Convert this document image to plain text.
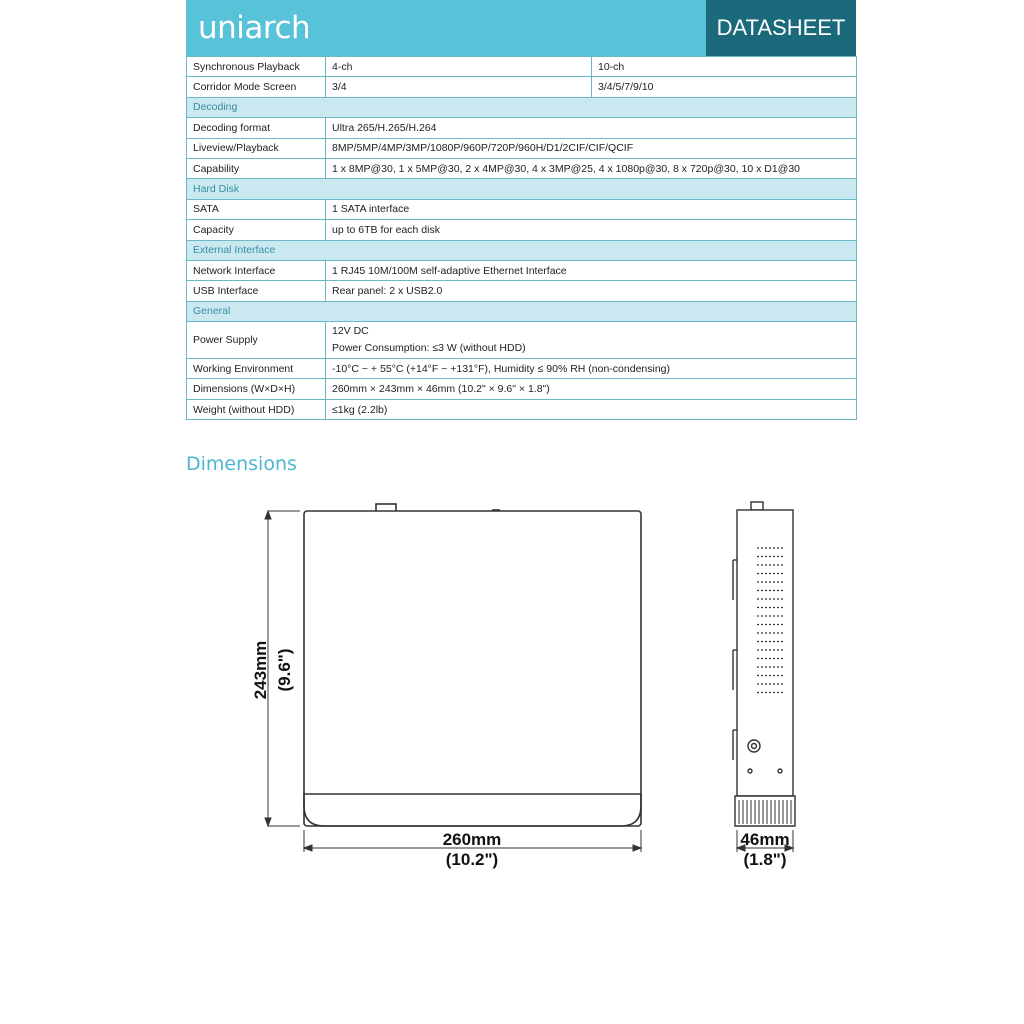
uniarch	DATASHEET
Synchronous Playback	4-ch	10-ch
Corridor Mode Screen	3/4	3/4/5/7/9/10
Decoding		
Decoding format	Ultra 265/H.265/H.264	
Liveview/Playback	8MP/5MP/4MP/3MP/1080P/960P/720P/960H/D1/2CIF/CIF/QCIF	
Capability	1 x 8MP@30, 1 x 5MP@30, 2 x 4MP@30, 4 x 3MP@25, 4 x 1080p@30, 8 x 720p@30, 10 x D1@30	
Hard Disk		
SATA	1 SATA interface	
Capacity	up to 6TB for each disk	
External Interface		
Network Interface	1 RJ45 10M/100M self-adaptive Ethernet Interface	
USB Interface	Rear panel: 2 x USB2.0	
General		
Power Supply	12V DC
Power Consumption: ≤3 W (without HDD)	

Working Environment	-10°C ~ + 55°C (+14°F ~ +131°F), Humidity ≤ 90% RH (non-condensing)	
Dimensions (W×D×H)	260mm × 243mm × 46mm (10.2" × 9.6" × 1.8")	
Weight (without HDD)	≤1kg (2.2lb)	
Dimensions
243mm (9.6")
260mm
(10.2")
46mm
(1.8")
